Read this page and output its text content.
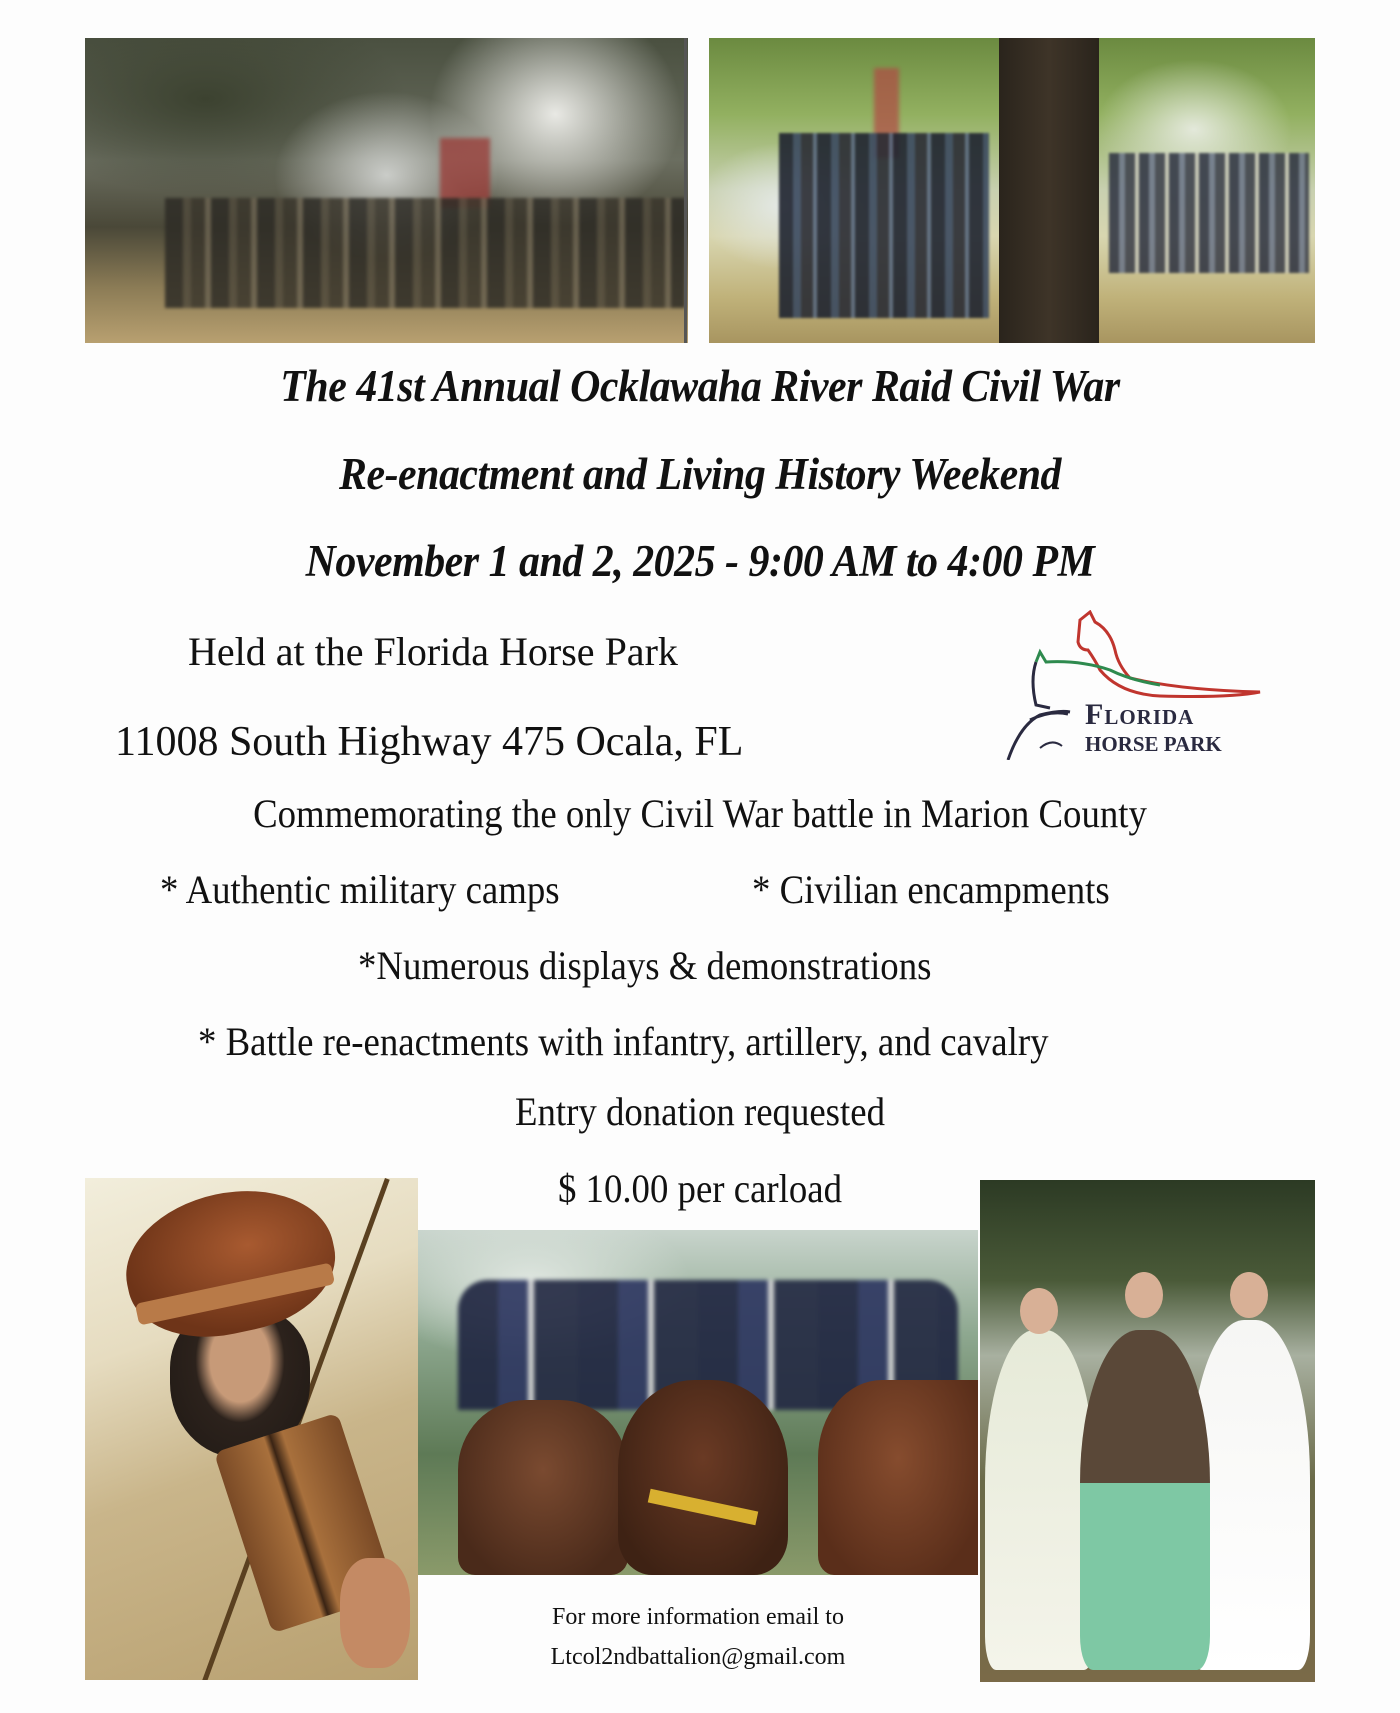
The 41st Annual Ocklawaha River Raid Civil War
Re-enactment and Living History Weekend
November 1 and 2, 2025 - 9:00 AM to 4:00 PM
Held at the Florida Horse Park
11008 South Highway 475 Ocala, FL
Florida
HORSE PARK
Commemorating the only Civil War battle in Marion County
* Authentic military camps	* Civilian encampments
*Numerous displays & demonstrations
* Battle re-enactments with infantry, artillery, and cavalry
Entry donation requested
$ 10.00 per carload
For more information email to
Ltcol2ndbattalion@gmail.com
